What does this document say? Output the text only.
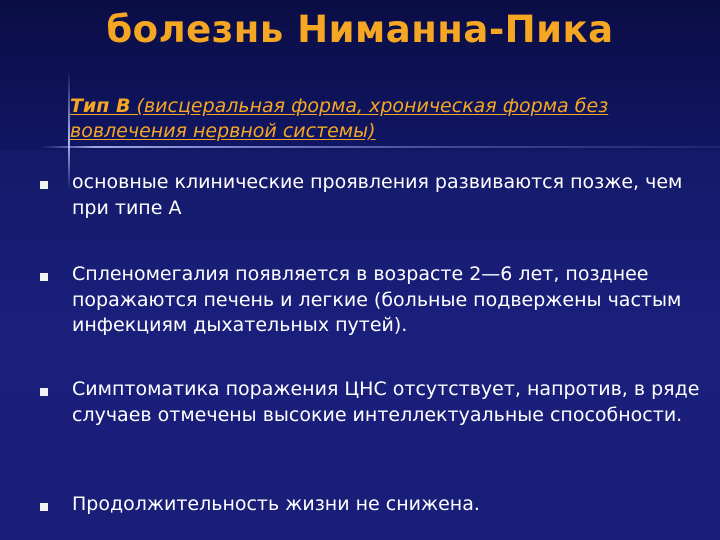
болезнь Ниманна-Пика
Тип В (висцеральная форма, хроническая форма без вовлечения нервной системы)
основные клинические проявления развиваются позже, чем при типе А
Спленомегалия появляется в возрасте 2—6 лет, позднее поражаются печень и легкие (больные подвержены частым инфекциям дыхательных путей).
Симптоматика поражения ЦНС отсутствует, напротив, в ряде случаев отмечены высокие интеллектуальные способности.
Продолжительность жизни не снижена.
